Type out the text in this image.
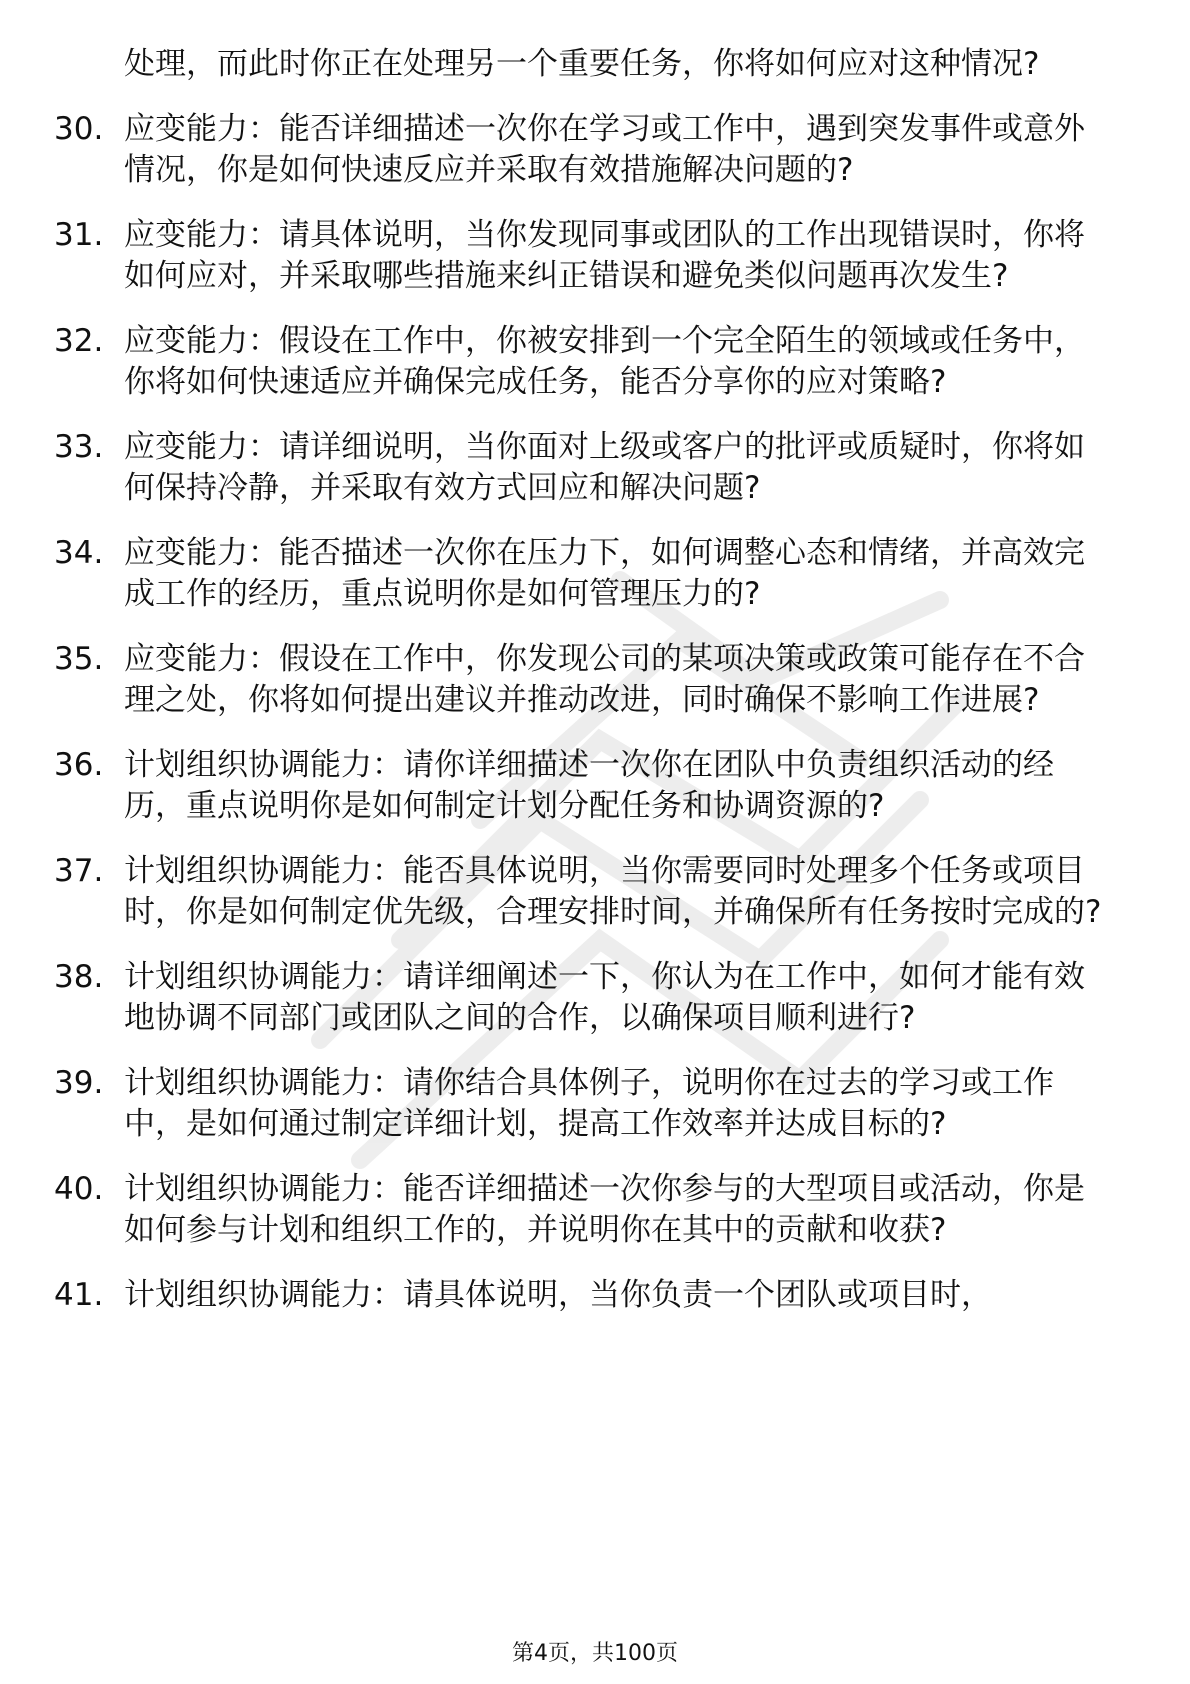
处理，而此时你正在处理另一个重要任务，你将如何应对这种情况?
30. 应变能力：能否详细描述一次你在学习或工作中，遇到突发事件或意外情况，你是如何快速反应并采取有效措施解决问题的?
31. 应变能力：请具体说明，当你发现同事或团队的工作出现错误时，你将如何应对，并采取哪些措施来纠正错误和避免类似问题再次发生?
32. 应变能力：假设在工作中，你被安排到一个完全陌生的领域或任务中，你将如何快速适应并确保完成任务，能否分享你的应对策略?
33. 应变能力：请详细说明，当你面对上级或客户的批评或质疑时，你将如何保持冷静，并采取有效方式回应和解决问题?
34. 应变能力：能否描述一次你在压力下，如何调整心态和情绪，并高效完成工作的经历，重点说明你是如何管理压力的?
35. 应变能力：假设在工作中，你发现公司的某项决策或政策可能存在不合理之处，你将如何提出建议并推动改进，同时确保不影响工作进展?
36. 计划组织协调能力：请你详细描述一次你在团队中负责组织活动的经历，重点说明你是如何制定计划分配任务和协调资源的?
37. 计划组织协调能力：能否具体说明，当你需要同时处理多个任务或项目时，你是如何制定优先级，合理安排时间，并确保所有任务按时完成的?
38. 计划组织协调能力：请详细阐述一下，你认为在工作中，如何才能有效地协调不同部门或团队之间的合作，以确保项目顺利进行?
39. 计划组织协调能力：请你结合具体例子，说明你在过去的学习或工作中，是如何通过制定详细计划，提高工作效率并达成目标的?
40. 计划组织协调能力：能否详细描述一次你参与的大型项目或活动，你是如何参与计划和组织工作的，并说明你在其中的贡献和收获?
41. 计划组织协调能力：请具体说明，当你负责一个团队或项目时，
第4页，共100页
